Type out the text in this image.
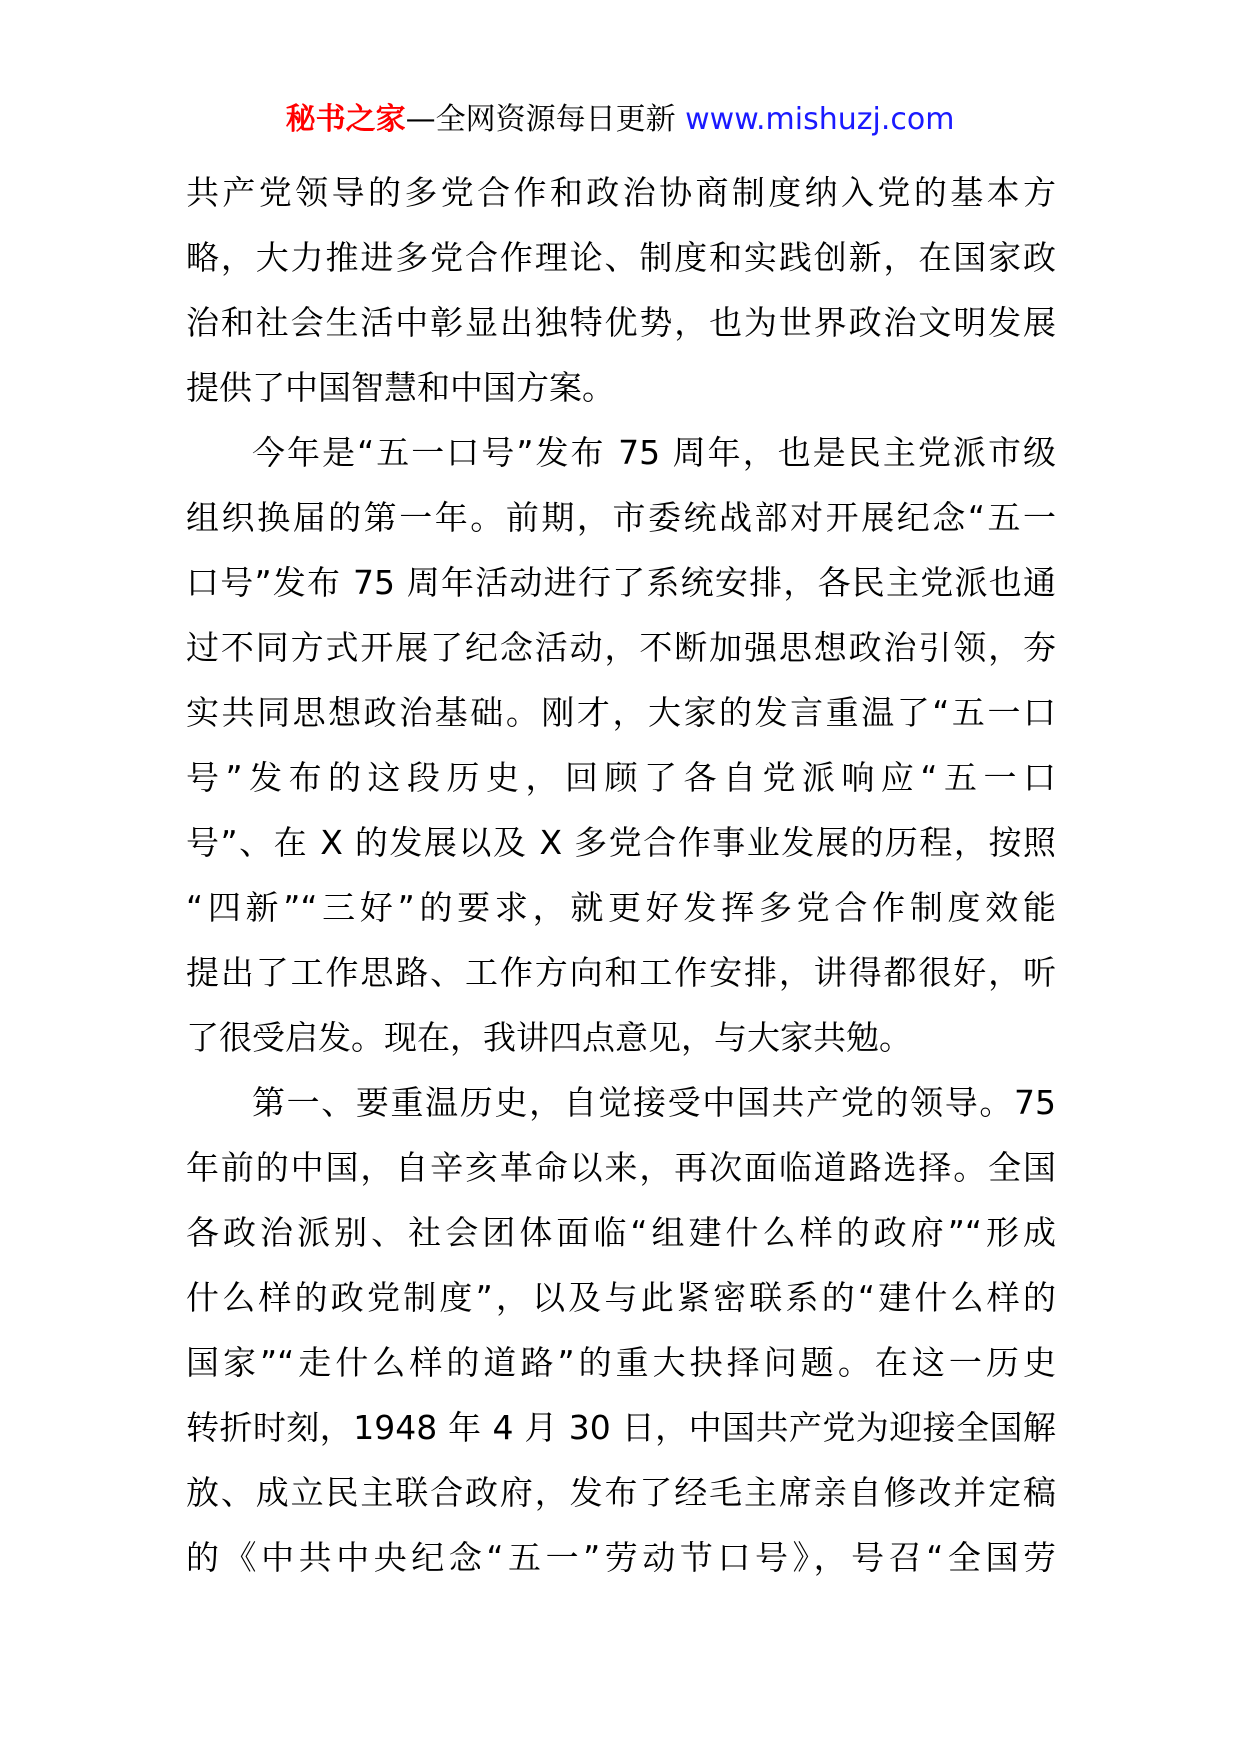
秘书之家—全网资源每日更新 www.mishuzj.com
共产党领导的多党合作和政治协商制度纳入党的基本方
略，大力推进多党合作理论、制度和实践创新，在国家政
治和社会生活中彰显出独特优势，也为世界政治文明发展
提供了中国智慧和中国方案。
今年是“五一口号”发布 75 周年，也是民主党派市级
组织换届的第一年。前期，市委统战部对开展纪念“五一
口号”发布 75 周年活动进行了系统安排，各民主党派也通
过不同方式开展了纪念活动，不断加强思想政治引领，夯
实共同思想政治基础。刚才，大家的发言重温了“五一口
号”发布的这段历史，回顾了各自党派响应“五一口
号”、在 X 的发展以及 X 多党合作事业发展的历程，按照
“四新”“三好”的要求，就更好发挥多党合作制度效能
提出了工作思路、工作方向和工作安排，讲得都很好，听
了很受启发。现在，我讲四点意见，与大家共勉。
第一、要重温历史，自觉接受中国共产党的领导。75
年前的中国，自辛亥革命以来，再次面临道路选择。全国
各政治派别、社会团体面临“组建什么样的政府”“形成
什么样的政党制度”，以及与此紧密联系的“建什么样的
国家”“走什么样的道路”的重大抉择问题。在这一历史
转折时刻，1948 年 4 月 30 日，中国共产党为迎接全国解
放、成立民主联合政府，发布了经毛主席亲自修改并定稿
的《中共中央纪念“五一”劳动节口号》，号召“全国劳
